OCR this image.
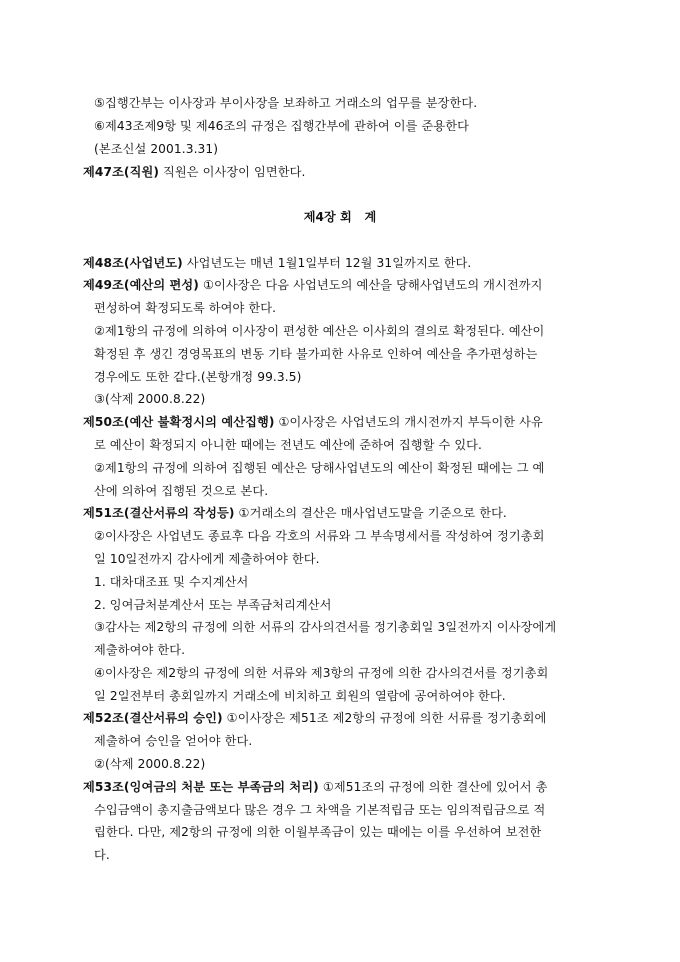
⑤집행간부는 이사장과 부이사장을 보좌하고 거래소의 업무를 분장한다.
⑥제43조제9항 및 제46조의 규정은 집행간부에 관하여 이를 준용한다
(본조신설 2001.3.31)
제47조(직원) 직원은 이사장이 임면한다.
제4장 회   계
제48조(사업년도) 사업년도는 매년 1월1일부터 12월 31일까지로 한다.
제49조(예산의 편성) ①이사장은 다음 사업년도의 예산을 당해사업년도의 개시전까지
편성하여 확정되도록 하여야 한다.
②제1항의 규정에 의하여 이사장이 편성한 예산은 이사회의 결의로 확정된다. 예산이
확정된 후 생긴 경영목표의 변동 기타 불가피한 사유로 인하여 예산을 추가편성하는
경우에도 또한 같다.(본항개정 99.3.5)
③(삭제 2000.8.22)
제50조(예산 불확정시의 예산집행) ①이사장은 사업년도의 개시전까지 부득이한 사유
로 예산이 확정되지 아니한 때에는 전년도 예산에 준하여 집행할 수 있다.
②제1항의 규정에 의하여 집행된 예산은 당해사업년도의 예산이 확정된 때에는 그 예
산에 의하여 집행된 것으로 본다.
제51조(결산서류의 작성등) ①거래소의 결산은 매사업년도말을 기준으로 한다.
②이사장은 사업년도 종료후 다음 각호의 서류와 그 부속명세서를 작성하여 정기총회
일 10일전까지 감사에게 제출하여야 한다.
1. 대차대조표 및 수지계산서
2. 잉여금처분계산서 또는 부족금처리계산서
③감사는 제2항의 규정에 의한 서류의 감사의견서를 정기총회일 3일전까지 이사장에게
제출하여야 한다.
④이사장은 제2항의 규정에 의한 서류와 제3항의 규정에 의한 감사의견서를 정기총회
일 2일전부터 총회일까지 거래소에 비치하고 회원의 열람에 공여하여야 한다.
제52조(결산서류의 승인) ①이사장은 제51조 제2항의 규정에 의한 서류를 정기총회에
제출하여 승인을 얻어야 한다.
②(삭제 2000.8.22)
제53조(잉여금의 처분 또는 부족금의 처리) ①제51조의 규정에 의한 결산에 있어서 총
수입금액이 총지출금액보다 많은 경우 그 차액을 기본적립금 또는 임의적립금으로 적
립한다. 다만, 제2항의 규정에 의한 이월부족금이 있는 때에는 이를 우선하여 보전한
다.
